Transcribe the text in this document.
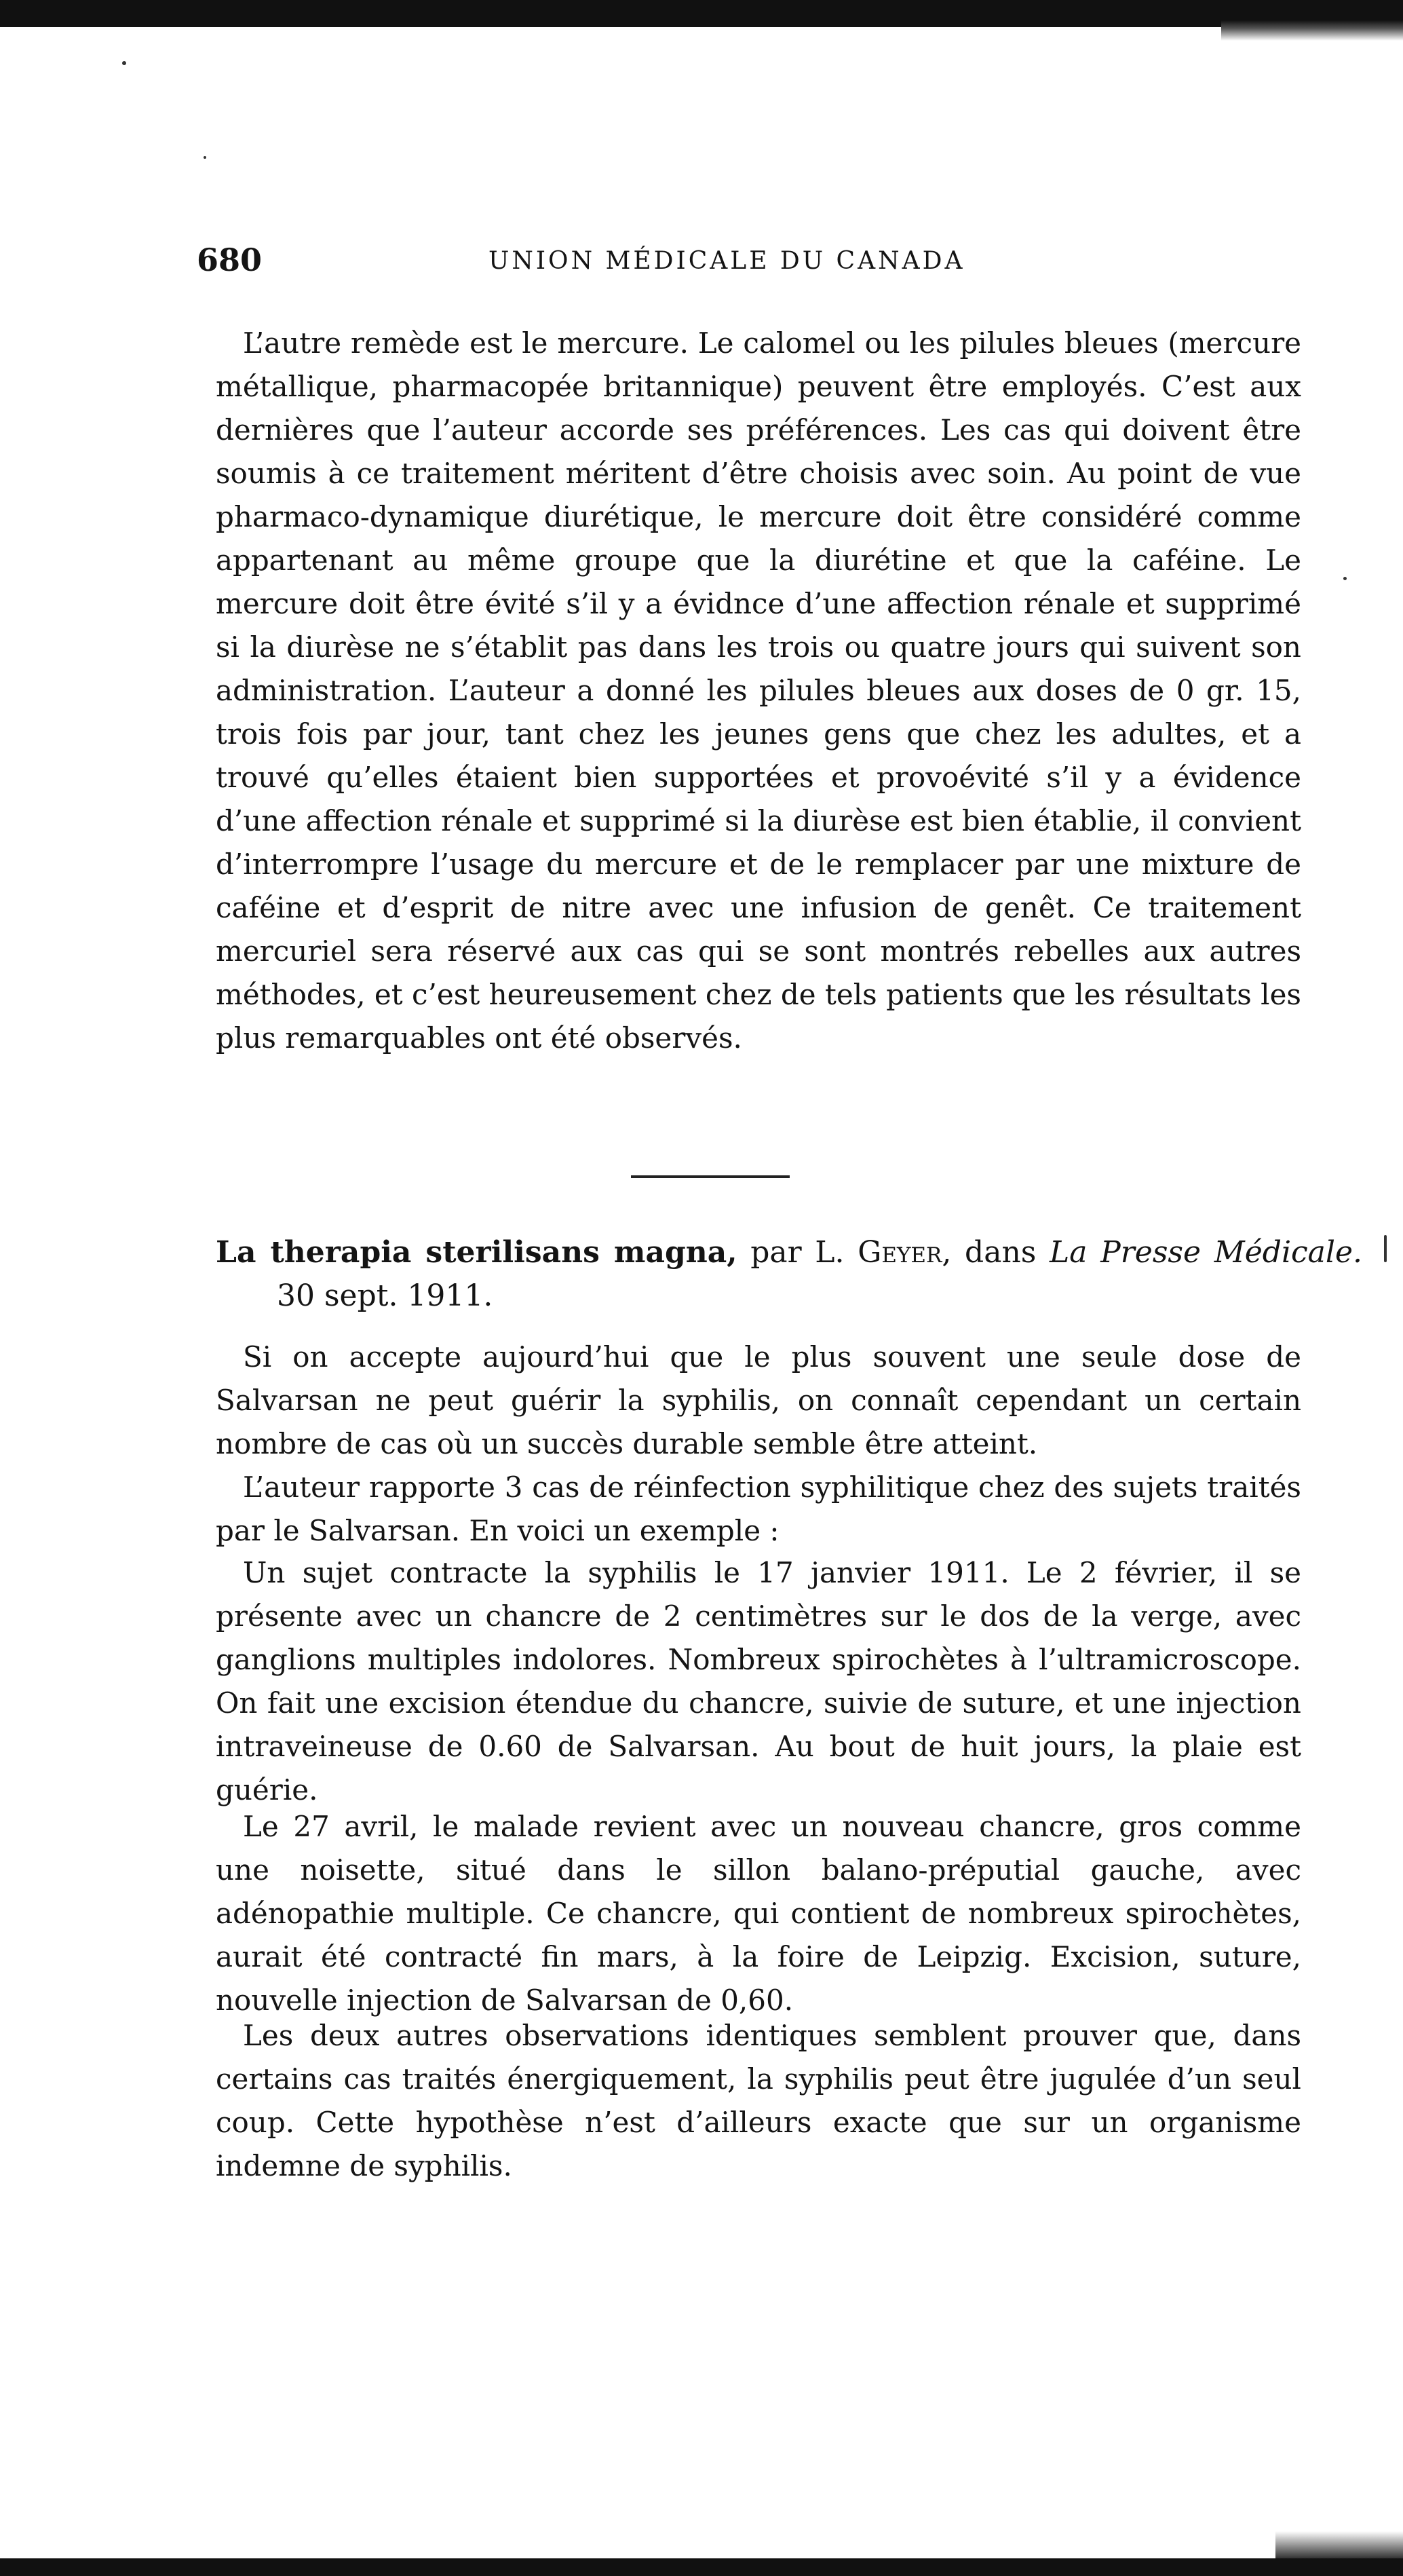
680	UNION MÉDICALE DU CANADA

L’autre remède est le mercure. Le calomel ou les pilules bleues (mercure métallique, pharmacopée britannique) peuvent être employés. C’est aux dernières que l’auteur accorde ses préférences. Les cas qui doivent être soumis à ce traitement méritent d’être choisis avec soin. Au point de vue pharmaco-dynamique diurétique, le mercure doit être considéré comme appartenant au même groupe que la diurétine et que la caféine. Le mercure doit être évité s’il y a évidnce d’une affection rénale et supprimé si la diurèse ne s’établit pas dans les trois ou quatre jours qui suivent son administration. L’auteur a donné les pilules bleues aux doses de 0 gr. 15, trois fois par jour, tant chez les jeunes gens que chez les adultes, et a trouvé qu’elles étaient bien supportées et provoévité s’il y a évidence d’une affection rénale et supprimé si la diurèse est bien établie, il convient d’interrompre l’usage du mercure et de le remplacer par une mixture de caféine et d’esprit de nitre avec une infusion de genêt. Ce traitement mercuriel sera réservé aux cas qui se sont montrés rebelles aux autres méthodes, et c’est heureusement chez de tels patients que les résultats les plus remarquables ont été observés.

La therapia sterilisans magna, par L. Geyer, dans La Presse Médicale. 30 sept. 1911.

Si on accepte aujourd’hui que le plus souvent une seule dose de Salvarsan ne peut guérir la syphilis, on connaît cependant un certain nombre de cas où un succès durable semble être atteint.

L’auteur rapporte 3 cas de réinfection syphilitique chez des sujets traités par le Salvarsan. En voici un exemple :

Un sujet contracte la syphilis le 17 janvier 1911. Le 2 février, il se présente avec un chancre de 2 centimètres sur le dos de la verge, avec ganglions multiples indolores. Nombreux spirochètes à l’ultramicroscope. On fait une excision étendue du chancre, suivie de suture, et une injection intraveineuse de 0.60 de Salvarsan. Au bout de huit jours, la plaie est guérie.

Le 27 avril, le malade revient avec un nouveau chancre, gros comme une noisette, situé dans le sillon balano-préputial gauche, avec adénopathie multiple. Ce chancre, qui contient de nombreux spirochètes, aurait été contracté fin mars, à la foire de Leipzig. Excision, suture, nouvelle injection de Salvarsan de 0,60.

Les deux autres observations identiques semblent prouver que, dans certains cas traités énergiquement, la syphilis peut être jugulée d’un seul coup. Cette hypothèse n’est d’ailleurs exacte que sur un organisme indemne de syphilis.
